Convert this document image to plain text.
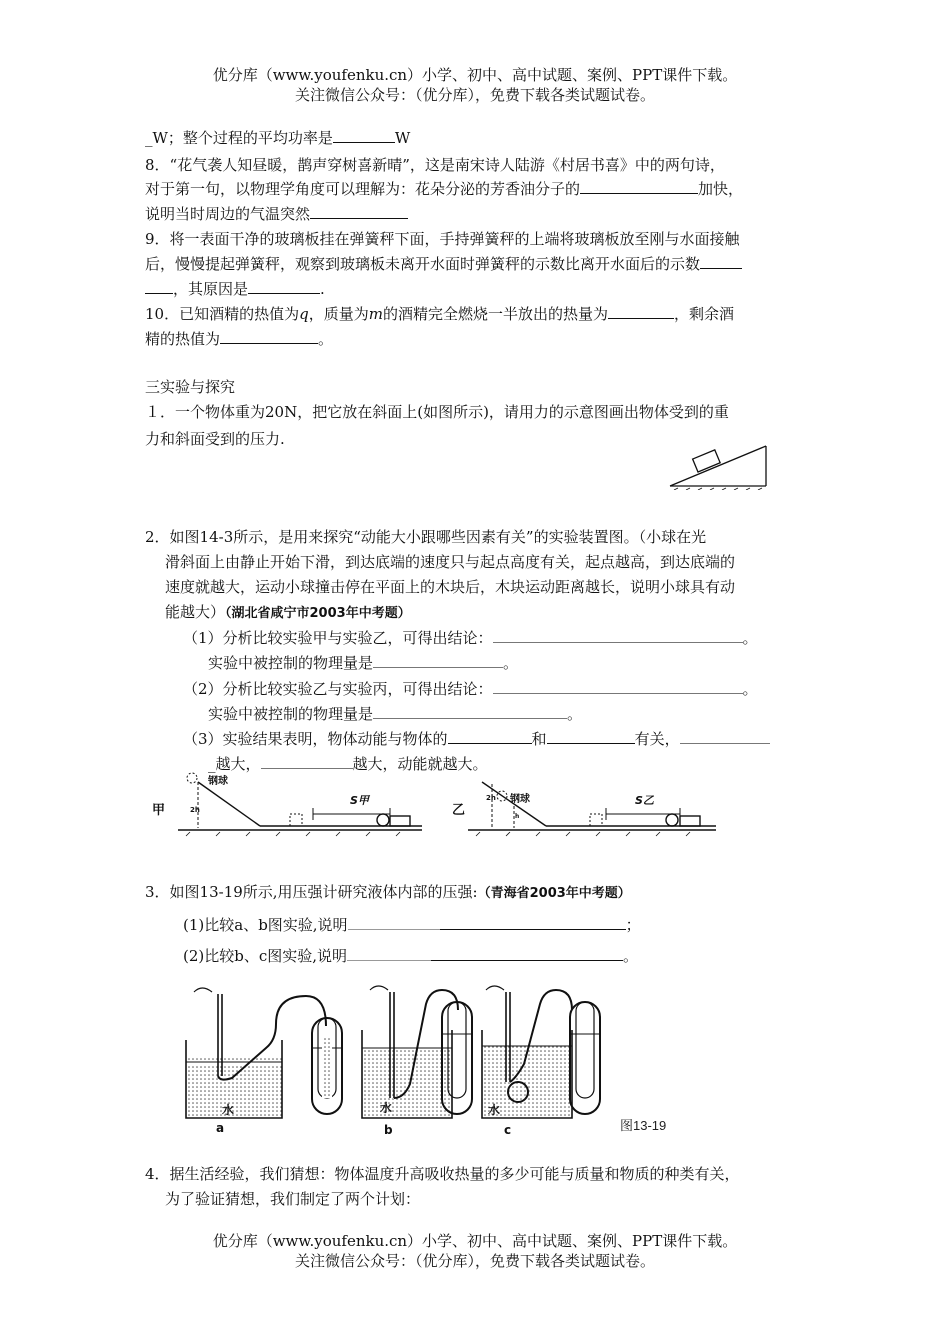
优分库（www.youfenku.cn）小学、初中、高中试题、案例、PPT课件下载。
关注微信公众号：（优分库），免费下载各类试题试卷。
_W；整个过程的平均功率是	W
8．“花气袭人知昼暖，鹊声穿树喜新晴”，这是南宋诗人陆游《村居书喜》中的两句诗，
对于第一句，以物理学角度可以理解为：花朵分泌的芳香油分子的	加快，
说明当时周边的气温突然
9．将一表面干净的玻璃板挂在弹簧秤下面，手持弹簧秤的上端将玻璃板放至刚与水面接触
后，慢慢提起弹簧秤，观察到玻璃板未离开水面时弹簧秤的示数比离开水面后的示数
，其原因是	.
10．已知酒精的热值为q，质量为m的酒精完全燃烧一半放出的热量为	，剩余酒
精的热值为	。
三实验与探究
１．一个物体重为20N，把它放在斜面上(如图所示)，请用力的示意图画出物体受到的重
力和斜面受到的压力.
2．如图14-3所示，是用来探究“动能大小跟哪些因素有关”的实验装置图。（小球在光
滑斜面上由静止开始下滑，到达底端的速度只与起点高度有关，起点越高，到达底端的
速度就越大，运动小球撞击停在平面上的木块后，木块运动距离越长，说明小球具有动
能越大）（湖北省咸宁市2003年中考题）
（1）分析比较实验甲与实验乙，可得出结论：	。
实验中被控制的物理量是	。
（2）分析比较实验乙与实验丙，可得出结论：	。
实验中被控制的物理量是	。
（3）实验结果表明，物体动能与物体的	和	有关，
_越大，	越大，动能就越大。
甲	乙
钢球
钢球
2h
2h
h
S甲	S乙
3．如图13-19所示,用压强计研究液体内部的压强:（青海省2003年中考题）
(1)比较a、b图实验,说明	；
(2)比较b、c图实验,说明	。
水	水	水
a	b	c	图13-19
4．据生活经验，我们猜想：物体温度升高吸收热量的多少可能与质量和物质的种类有关，
为了验证猜想，我们制定了两个计划：
优分库（www.youfenku.cn）小学、初中、高中试题、案例、PPT课件下载。
关注微信公众号：（优分库），免费下载各类试题试卷。
